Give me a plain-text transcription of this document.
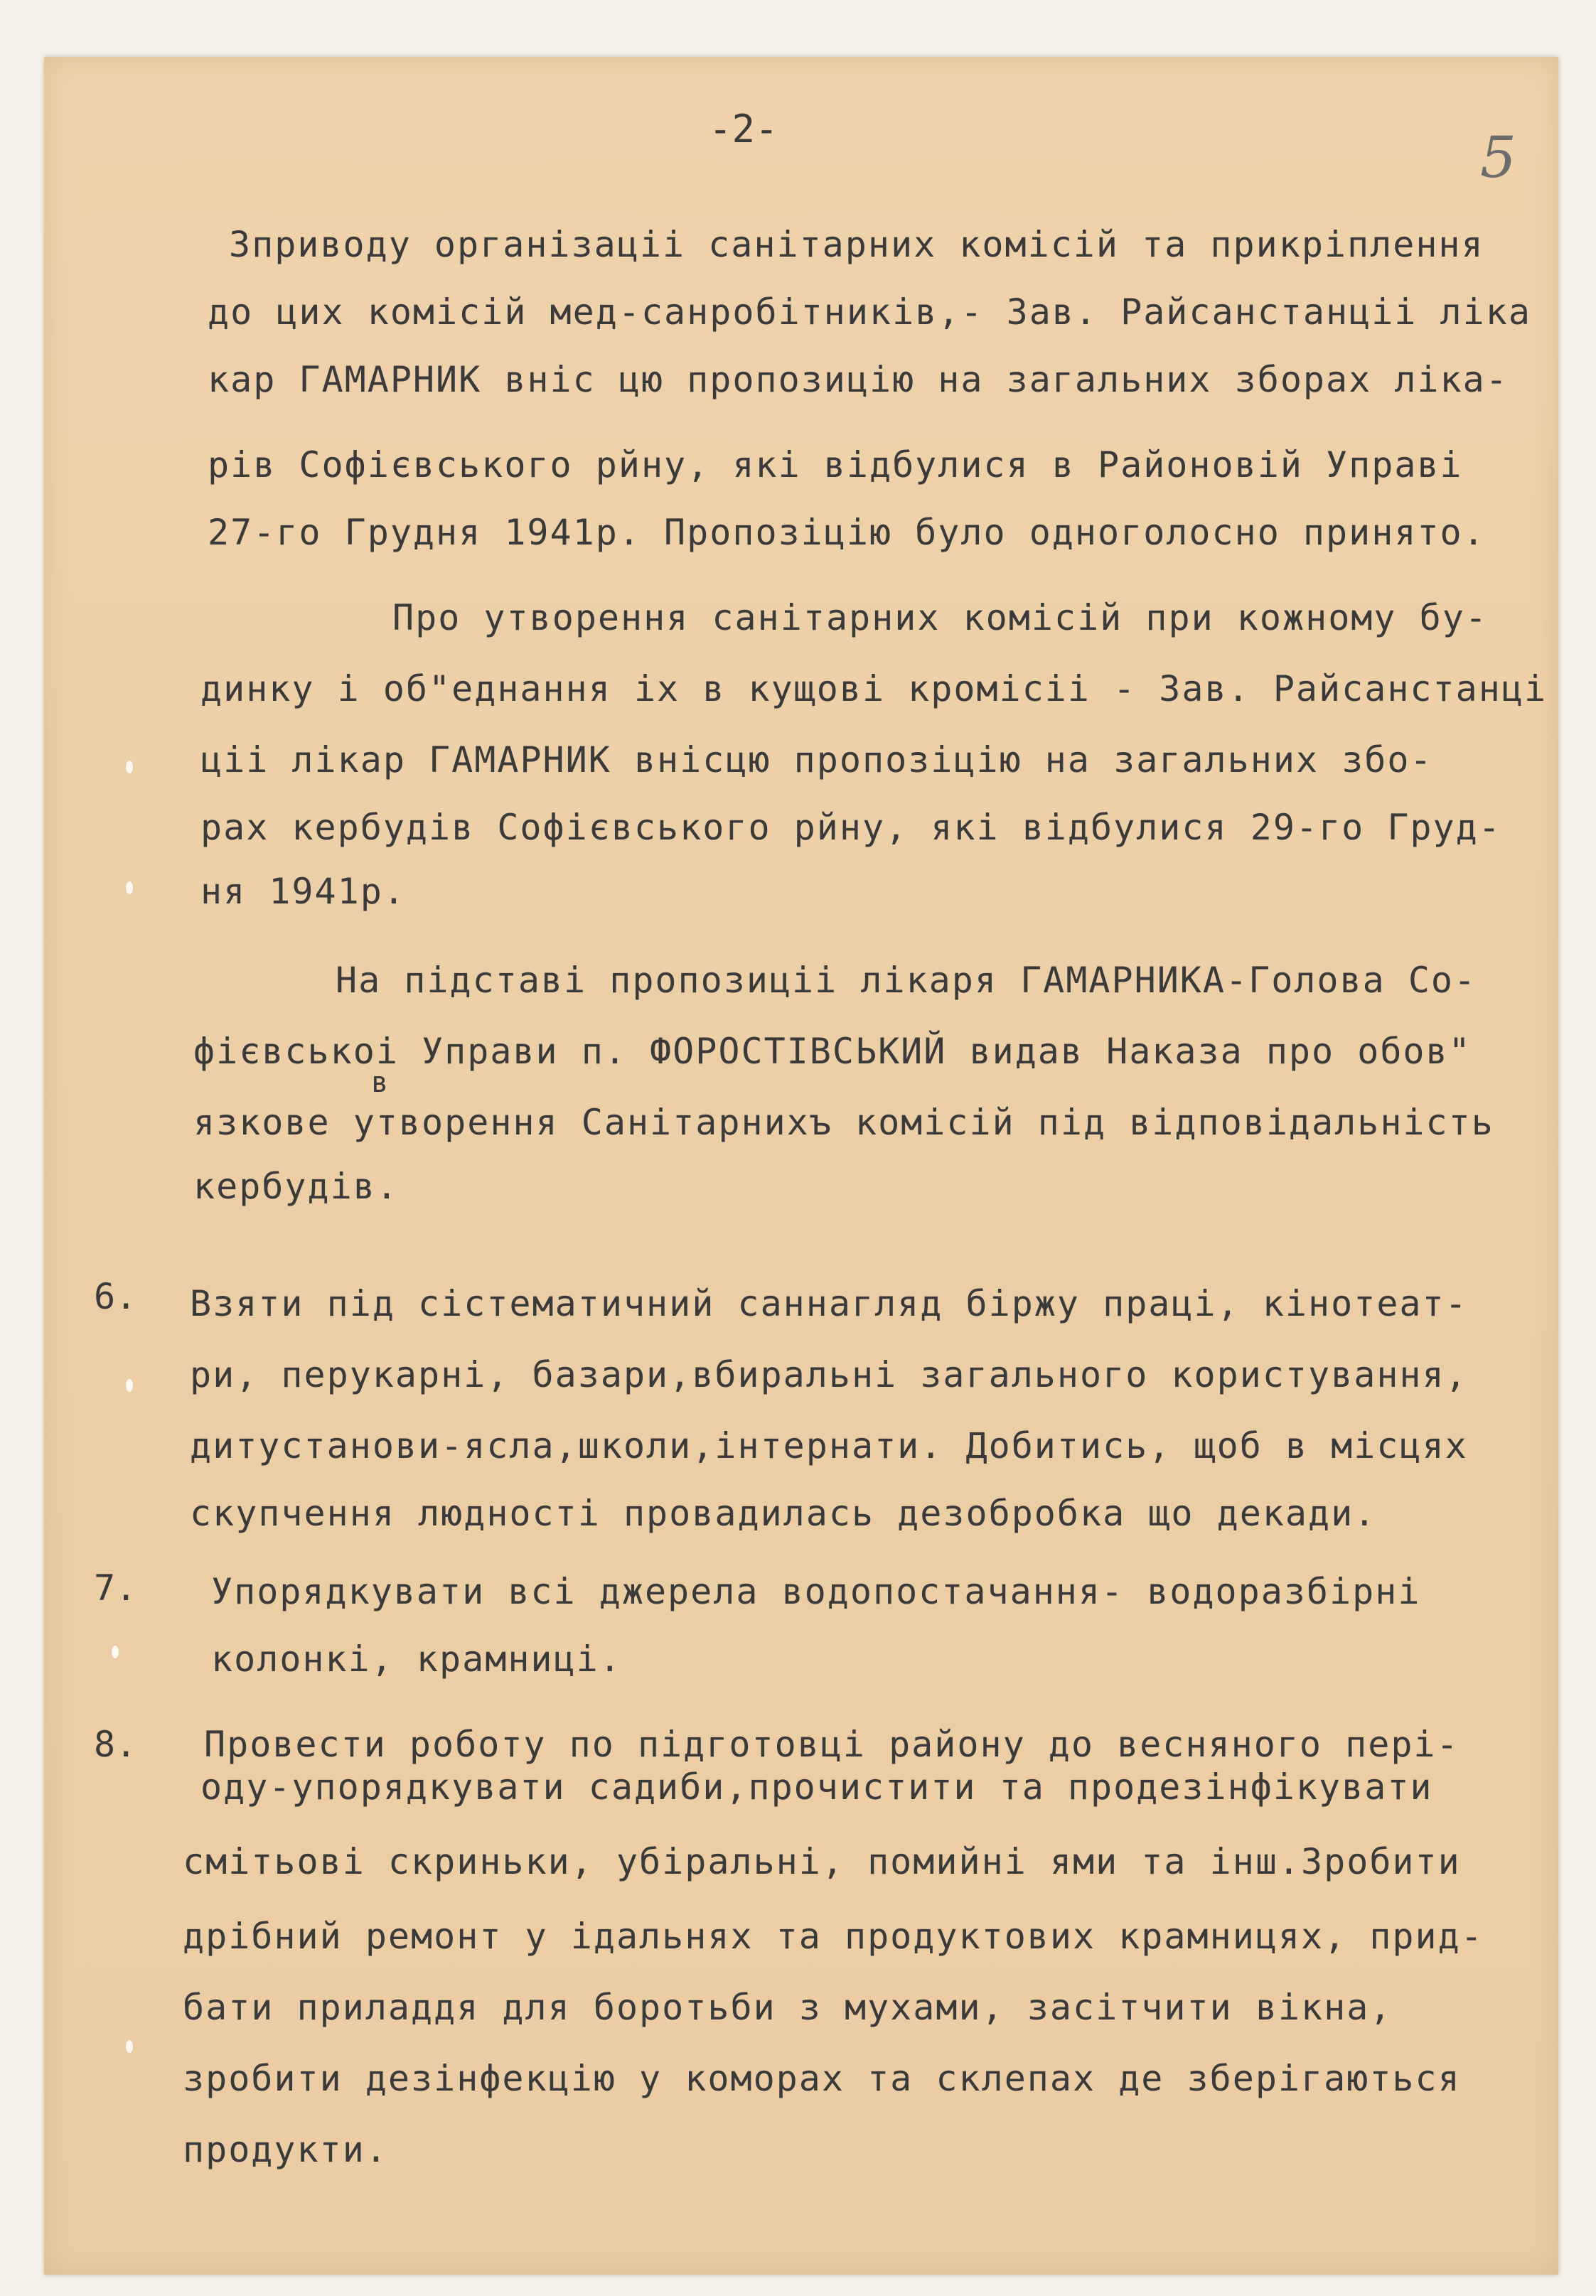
-2-	5

Зприводу органiзацii санiтарних комiсiй та прикрiплення

до цих комiсiй мед-санробiтникiв,- Зав. Райсанстанцii лiка

кар ГАМАРНИК вніс цю пропозицію на загальних зборах лiка-

рiв Софiєвського рйну, якi вiдбулися в Районовiй Управi

27-го Грудня 1941р. Пропозiцiю було одноголосно принято.

Про утворення санiтарних комiсiй при кожному бу-

динку i об"еднання iх в кущовi кромісii - Зав. Райсанстанцi

цii лiкар ГАМАРНИК внiсцю пропозiцiю на загальних збо-

рах кербудiв Софiєвського рйну, якi вiдбулися 29-го Груд-

ня 1941р.

На пiдставi пропозицii лiкаря ГАМАРНИКА-Голова Со-

фiєвськоi Управи п. ФОРОСТIВСЬКИЙ видав Наказа про обов"

в

язкове утворення Санiтарнихъ комiсiй пiд вiдповiдальнiсть

кербудiв.

6. Взяти пiд сiстематичний саннагляд бiржу працi, кiнотеат-

ри, перукарнi, базари,вбиральнi загального користування,

дитустанови-ясла,школи,iнтернати. Добитись, щоб в мiсцях

скупчення людностi провадилась дезобробка що декади.

7. Упорядкувати всi джерела водопостачання- водоразбiрнi

колонкi, крамницi.

8. Провести роботу по пiдготовцi району до весняного перi-

оду-упорядкувати садиби,прочистити та продезiнфiкувати

смiтьовi скриньки, убiральнi, помийнi ями та iнш.Зробити

дрiбний ремонт у iдальнях та продуктових крамницях, прид-

бати приладдя для боротьби з мухами, засiтчити вiкна,

зробити дезiнфекцiю у коморах та склепах де зберiгаються

продукти.
